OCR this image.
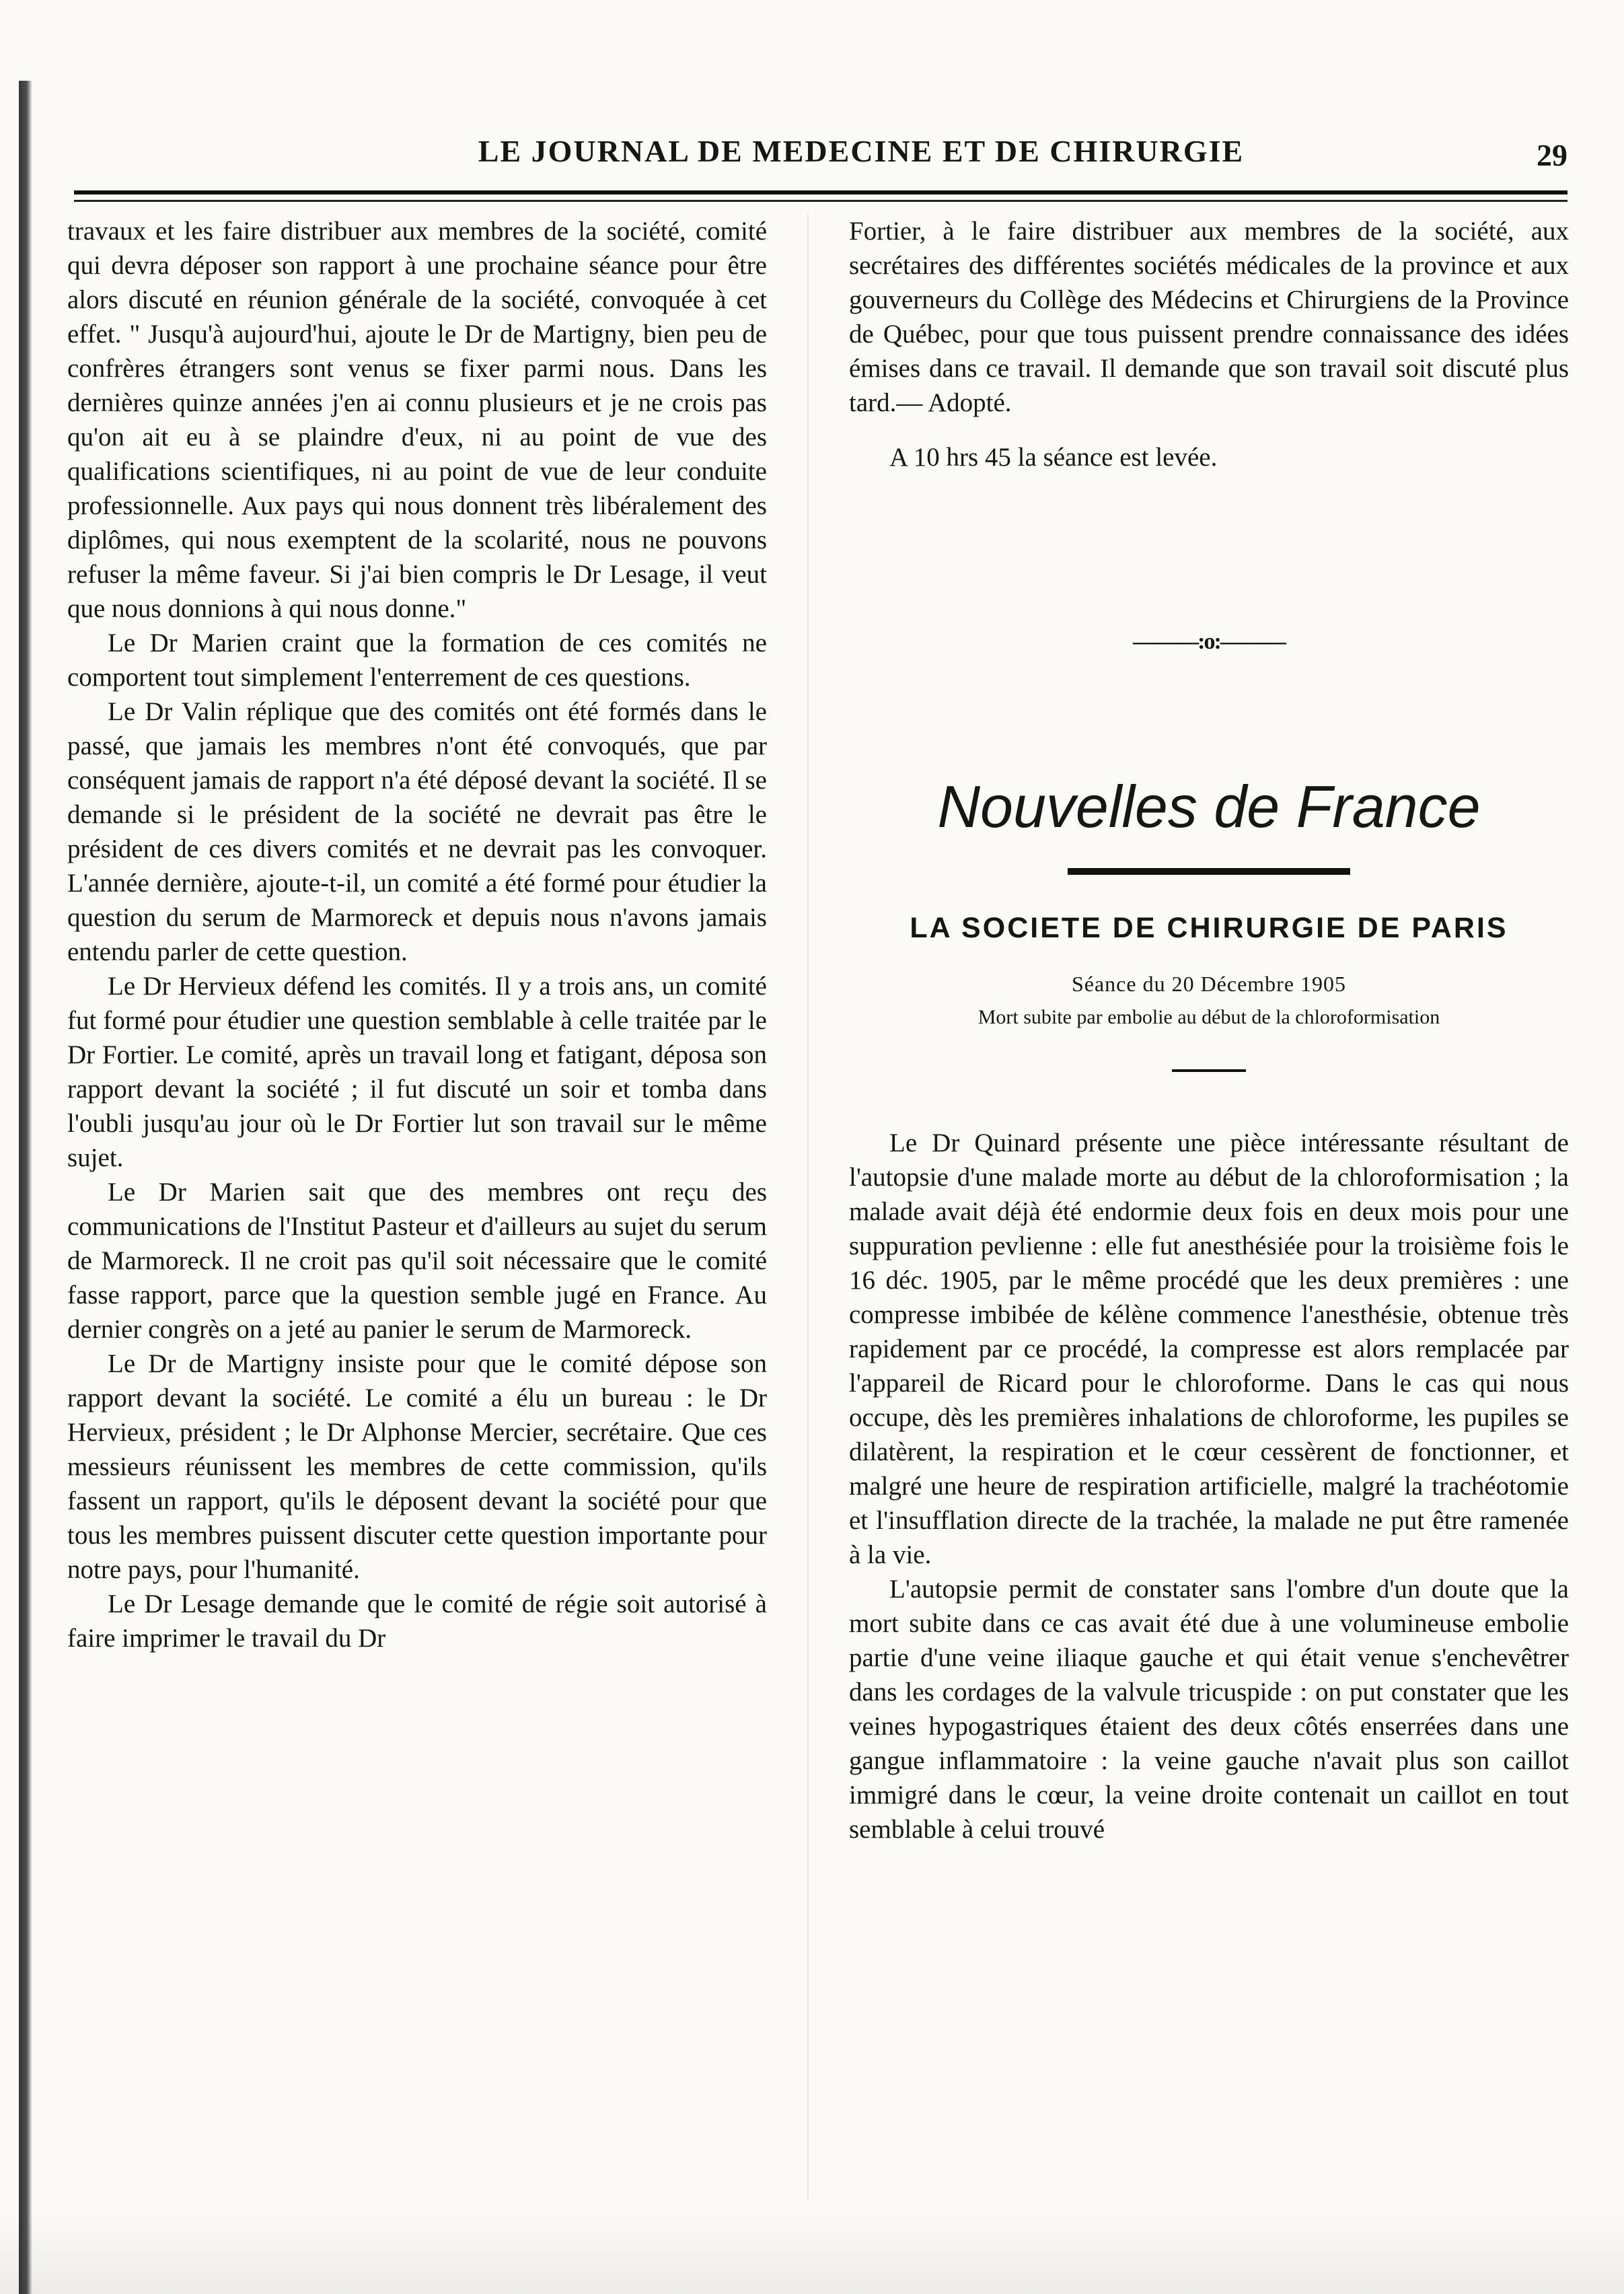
LE JOURNAL DE MEDECINE ET DE CHIRURGIE	29

travaux et les faire distribuer aux membres de la société, comité qui devra déposer son rapport à une prochaine séance pour être alors discuté en réunion générale de la société, convoquée à cet effet. " Jusqu'à aujourd'hui, ajoute le Dr de Martigny, bien peu de confrères étrangers sont venus se fixer parmi nous. Dans les dernières quinze années j'en ai connu plusieurs et je ne crois pas qu'on ait eu à se plaindre d'eux, ni au point de vue des qualifications scientifiques, ni au point de vue de leur conduite professionnelle. Aux pays qui nous donnent très libéralement des diplômes, qui nous exemptent de la scolarité, nous ne pouvons refuser la même faveur. Si j'ai bien compris le Dr Lesage, il veut que nous donnions à qui nous donne."

Le Dr Marien craint que la formation de ces comités ne comportent tout simplement l'enterrement de ces questions.

Le Dr Valin réplique que des comités ont été formés dans le passé, que jamais les membres n'ont été convoqués, que par conséquent jamais de rapport n'a été déposé devant la société. Il se demande si le président de la société ne devrait pas être le président de ces divers comités et ne devrait pas les convoquer. L'année dernière, ajoute-t-il, un comité a été formé pour étudier la question du serum de Marmoreck et depuis nous n'avons jamais entendu parler de cette question.

Le Dr Hervieux défend les comités. Il y a trois ans, un comité fut formé pour étudier une question semblable à celle traitée par le Dr Fortier. Le comité, après un travail long et fatigant, déposa son rapport devant la société ; il fut discuté un soir et tomba dans l'oubli jusqu'au jour où le Dr Fortier lut son travail sur le même sujet.

Le Dr Marien sait que des membres ont reçu des communications de l'Institut Pasteur et d'ailleurs au sujet du serum de Marmoreck. Il ne croit pas qu'il soit nécessaire que le comité fasse rapport, parce que la question semble jugé en France. Au dernier congrès on a jeté au panier le serum de Marmoreck.

Le Dr de Martigny insiste pour que le comité dépose son rapport devant la société. Le comité a élu un bureau : le Dr Hervieux, président ; le Dr Alphonse Mercier, secrétaire. Que ces messieurs réunissent les membres de cette commission, qu'ils fassent un rapport, qu'ils le déposent devant la société pour que tous les membres puissent discuter cette question importante pour notre pays, pour l'humanité.

Le Dr Lesage demande que le comité de régie soit autorisé à faire imprimer le travail du Dr

Fortier, à le faire distribuer aux membres de la société, aux secrétaires des différentes sociétés médicales de la province et aux gouverneurs du Collège des Médecins et Chirurgiens de la Province de Québec, pour que tous puissent prendre connaissance des idées émises dans ce travail. Il demande que son travail soit discuté plus tard.— Adopté.

A 10 hrs 45 la séance est levée.

———:o:———
Nouvelles de France
LA SOCIETE DE CHIRURGIE DE PARIS
Séance du 20 Décembre 1905
Mort subite par embolie au début de la chloroformisation

Le Dr Quinard présente une pièce intéressante résultant de l'autopsie d'une malade morte au début de la chloroformisation ; la malade avait déjà été endormie deux fois en deux mois pour une suppuration pevlienne : elle fut anesthésiée pour la troisième fois le 16 déc. 1905, par le même procédé que les deux premières : une compresse imbibée de kélène commence l'anesthésie, obtenue très rapidement par ce procédé, la compresse est alors remplacée par l'appareil de Ricard pour le chloroforme. Dans le cas qui nous occupe, dès les premières inhalations de chloroforme, les pupiles se dilatèrent, la respiration et le cœur cessèrent de fonctionner, et malgré une heure de respiration artificielle, malgré la trachéotomie et l'insufflation directe de la trachée, la malade ne put être ramenée à la vie.

L'autopsie permit de constater sans l'ombre d'un doute que la mort subite dans ce cas avait été due à une volumineuse embolie partie d'une veine iliaque gauche et qui était venue s'enchevêtrer dans les cordages de la valvule tricuspide : on put constater que les veines hypogastriques étaient des deux côtés enserrées dans une gangue inflammatoire : la veine gauche n'avait plus son caillot immigré dans le cœur, la veine droite contenait un caillot en tout semblable à celui trouvé
